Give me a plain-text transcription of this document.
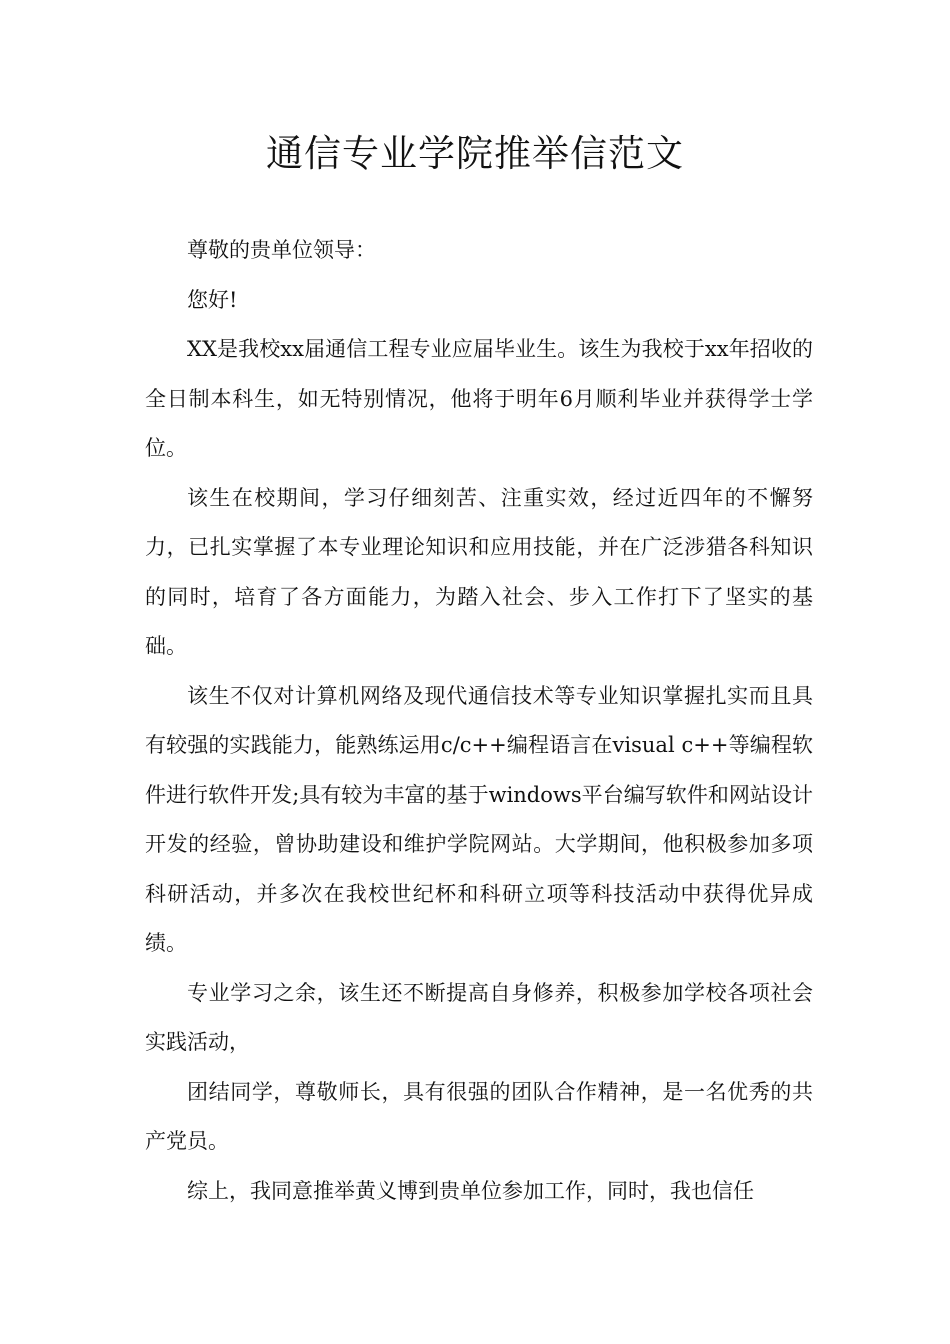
通信专业学院推举信范文

尊敬的贵单位领导：

您好!

XX是我校xx届通信工程专业应届毕业生。该生为我校于xx年招收的全日制本科生，如无特别情况，他将于明年6月顺利毕业并获得学士学位。

该生在校期间，学习仔细刻苦、注重实效，经过近四年的不懈努力，已扎实掌握了本专业理论知识和应用技能，并在广泛涉猎各科知识的同时，培育了各方面能力，为踏入社会、步入工作打下了坚实的基础。

该生不仅对计算机网络及现代通信技术等专业知识掌握扎实而且具有较强的实践能力，能熟练运用c/c++编程语言在visual c++等编程软件进行软件开发;具有较为丰富的基于windows平台编写软件和网站设计开发的经验，曾协助建设和维护学院网站。大学期间，他积极参加多项科研活动，并多次在我校世纪杯和科研立项等科技活动中获得优异成绩。

专业学习之余，该生还不断提高自身修养，积极参加学校各项社会实践活动，

团结同学，尊敬师长，具有很强的团队合作精神，是一名优秀的共产党员。

综上，我同意推举黄义博到贵单位参加工作，同时，我也信任
